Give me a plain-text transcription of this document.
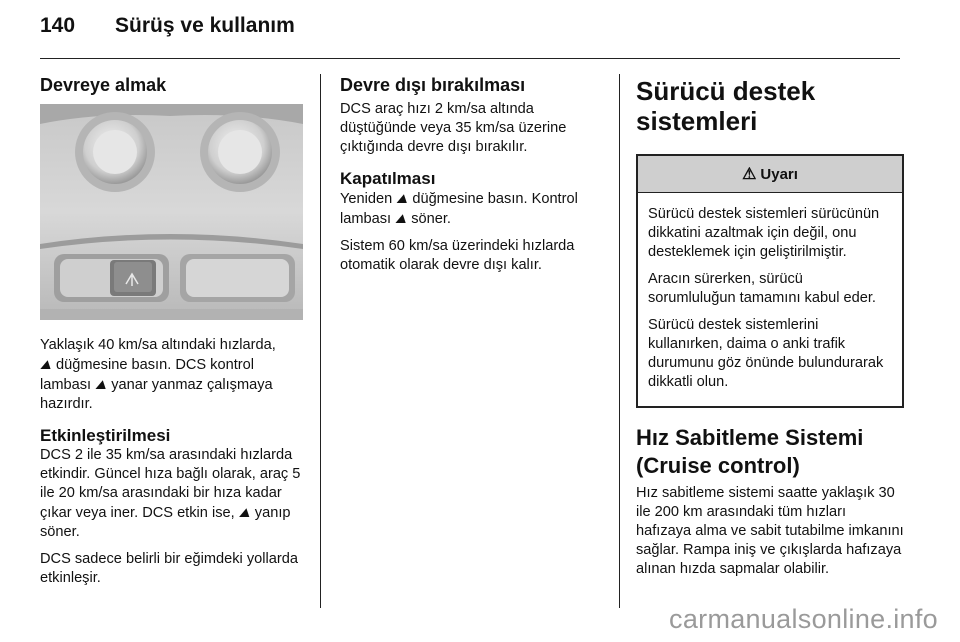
140 Sürüş ve kullanım
Devreye almak

Yaklaşık 40 km/sa altındaki hızlarda,
⛰ düğmesine basın. DCS kontrol
lambası ⛰ yanar yanmaz çalışmaya
hazırdır.

Etkinleştirilmesi

DCS 2 ile 35 km/sa arasındaki hızlarda etkindir. Güncel hıza bağlı olarak, araç 5 ile 20 km/sa arasındaki bir hıza kadar çıkar veya iner. DCS etkin ise, ⛰ yanıp söner.

DCS sadece belirli bir eğimdeki yollarda etkinleşir.

Devre dışı bırakılması

DCS araç hızı 2 km/sa altında düştüğünde veya 35 km/sa üzerine çıktığında devre dışı bırakılır.

Kapatılması

Yeniden ⛰ düğmesine basın. Kontrol lambası ⛰ söner.

Sistem 60 km/sa üzerindeki hızlarda otomatik olarak devre dışı kalır.

Sürücü destek sistemleri
⚠ Uyarı

Sürücü destek sistemleri sürücünün dikkatini azaltmak için değil, onu desteklemek için geliştirilmiştir.

Aracın sürerken, sürücü sorumluluğun tamamını kabul eder.

Sürücü destek sistemlerini kullanırken, daima o anki trafik durumunu göz önünde bulundurarak dikkatli olun.

Hız Sabitleme Sistemi (Cruise control)

Hız sabitleme sistemi saatte yaklaşık 30 ile 200 km arasındaki tüm hızları hafızaya alma ve sabit tutabilme imkanını sağlar. Rampa iniş ve çıkışlarda hafızaya alınan hızda sapmalar olabilir.

carmanualsonline.info
